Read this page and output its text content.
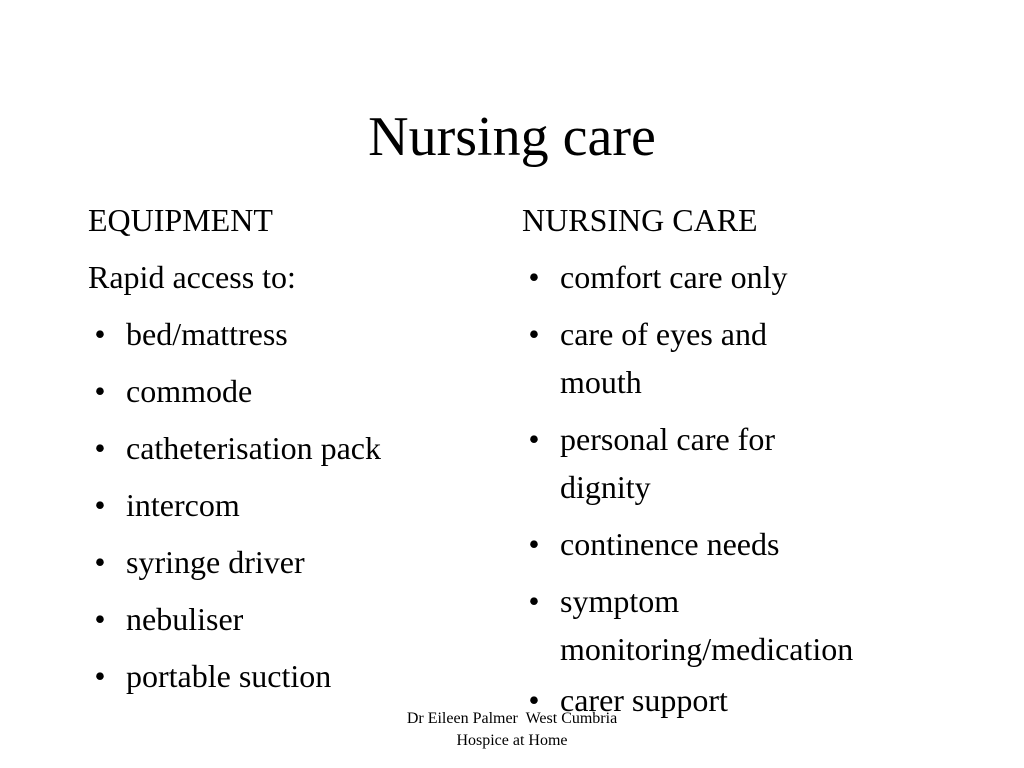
Nursing care
EQUIPMENT
Rapid access to:
• bed/mattress
• commode
• catheterisation pack
• intercom
• syringe driver
• nebuliser
• portable suction
NURSING CARE
• comfort care only
• care of eyes and mouth
• personal care for dignity
• continence needs
• symptom monitoring/medication
• carer support
Dr Eileen Palmer  West Cumbria
Hospice at Home
